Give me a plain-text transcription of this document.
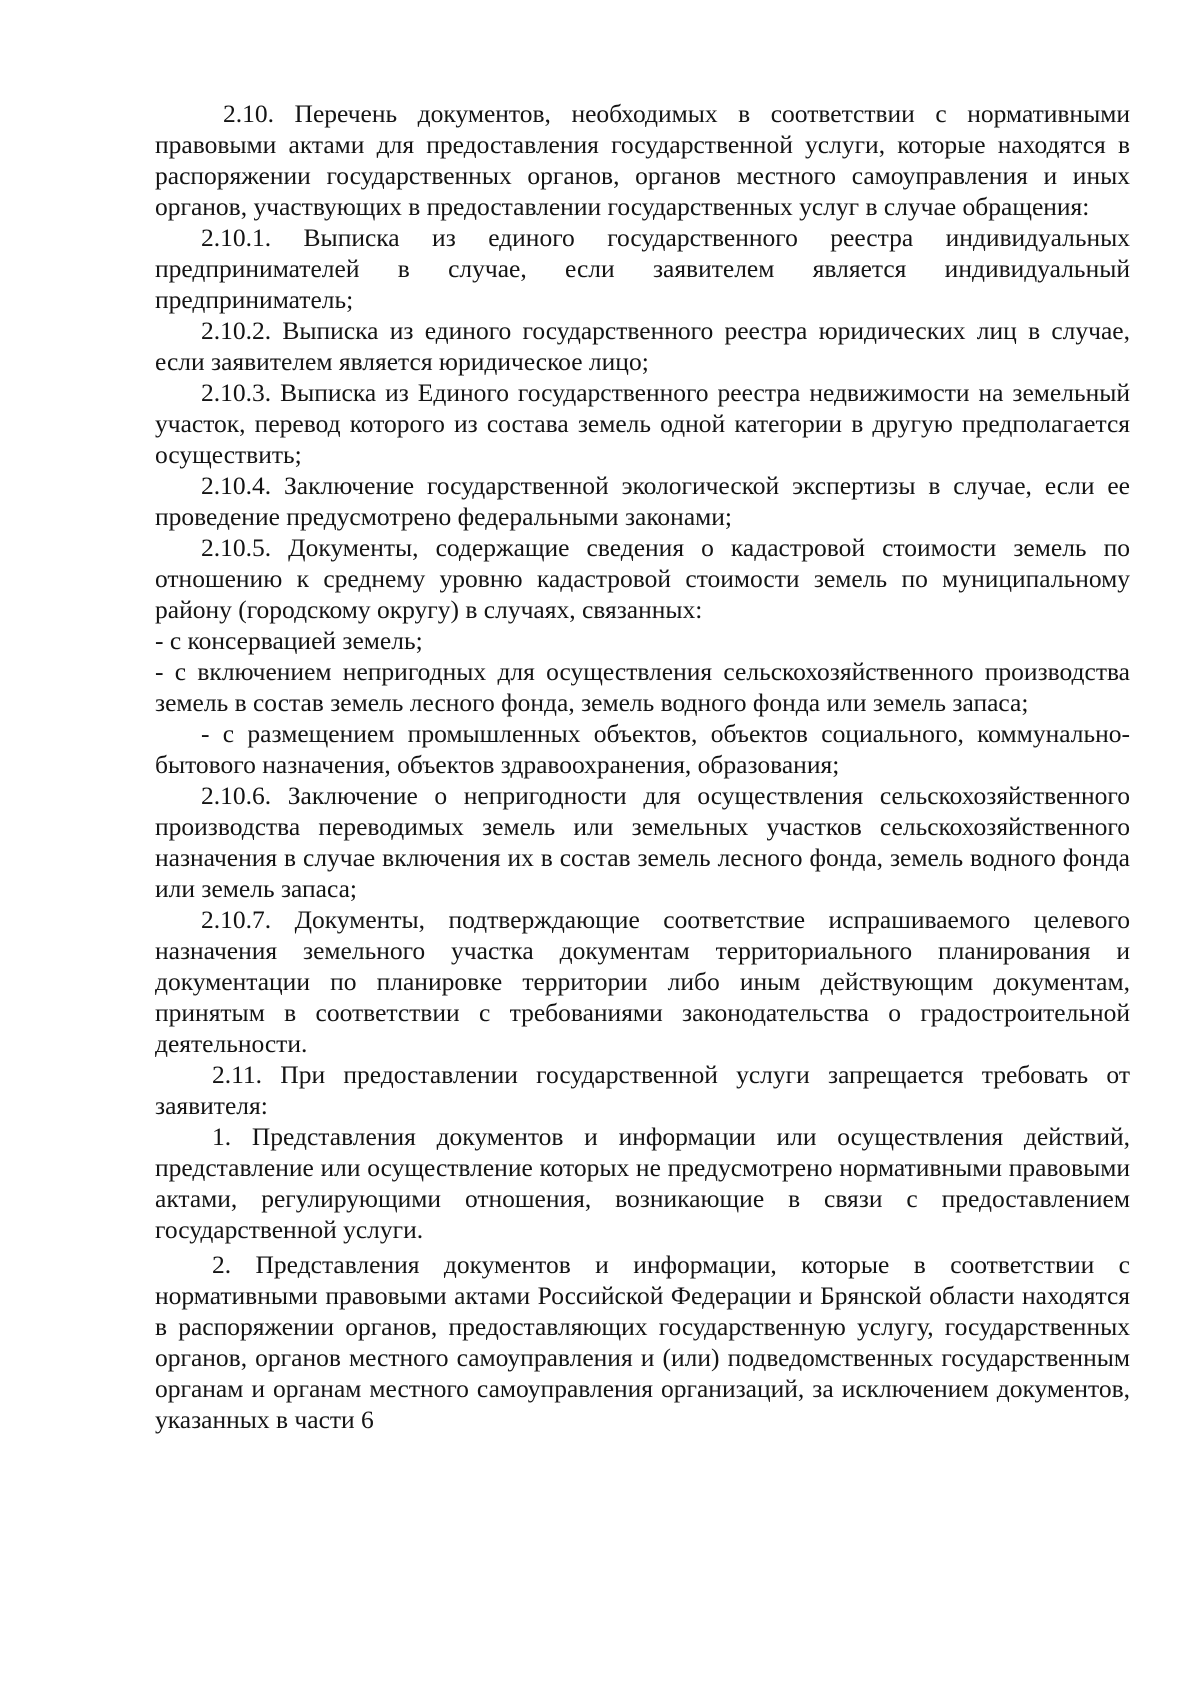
2.10. Перечень документов, необходимых в соответствии с нормативными правовыми актами для предоставления государственной услуги, которые находятся в распоряжении государственных органов, органов местного самоуправления и иных органов, участвующих в предоставлении государственных услуг в случае обращения:

2.10.1. Выписка из единого государственного реестра индивидуальных предпринимателей в случае, если заявителем является индивидуальный предприниматель;

2.10.2. Выписка из единого государственного реестра юридических лиц в случае, если заявителем является юридическое лицо;

2.10.3. Выписка из Единого государственного реестра недвижимости на земельный участок, перевод которого из состава земель одной категории в другую предполагается осуществить;

2.10.4. Заключение государственной экологической экспертизы в случае, если ее проведение предусмотрено федеральными законами;

2.10.5. Документы, содержащие сведения о кадастровой стоимости земель по отношению к среднему уровню кадастровой стоимости земель по муниципальному району (городскому округу) в случаях, связанных:

- с консервацией земель;

- с включением непригодных для осуществления сельскохозяйственного производства земель в состав земель лесного фонда, земель водного фонда или земель запаса;

- с размещением промышленных объектов, объектов социального, коммунально-бытового назначения, объектов здравоохранения, образования;

2.10.6. Заключение о непригодности для осуществления сельскохозяйственного производства переводимых земель или земельных участков сельскохозяйственного назначения в случае включения их в состав земель лесного фонда, земель водного фонда или земель запаса;

2.10.7. Документы, подтверждающие соответствие испрашиваемого целевого назначения земельного участка документам территориального планирования и документации по планировке территории либо иным действующим документам, принятым в соответствии с требованиями законодательства о градостроительной деятельности.

2.11. При предоставлении государственной услуги запрещается требовать от заявителя:

1. Представления документов и информации или осуществления действий, представление или осуществление которых не предусмотрено нормативными правовыми актами, регулирующими отношения, возникающие в связи с предоставлением государственной услуги.

2. Представления документов и информации, которые в соответствии с нормативными правовыми актами Российской Федерации и Брянской области находятся в распоряжении органов, предоставляющих государственную услугу, государственных органов, органов местного самоуправления и (или) подведомственных государственным органам и органам местного самоуправления организаций, за исключением документов, указанных в части 6
